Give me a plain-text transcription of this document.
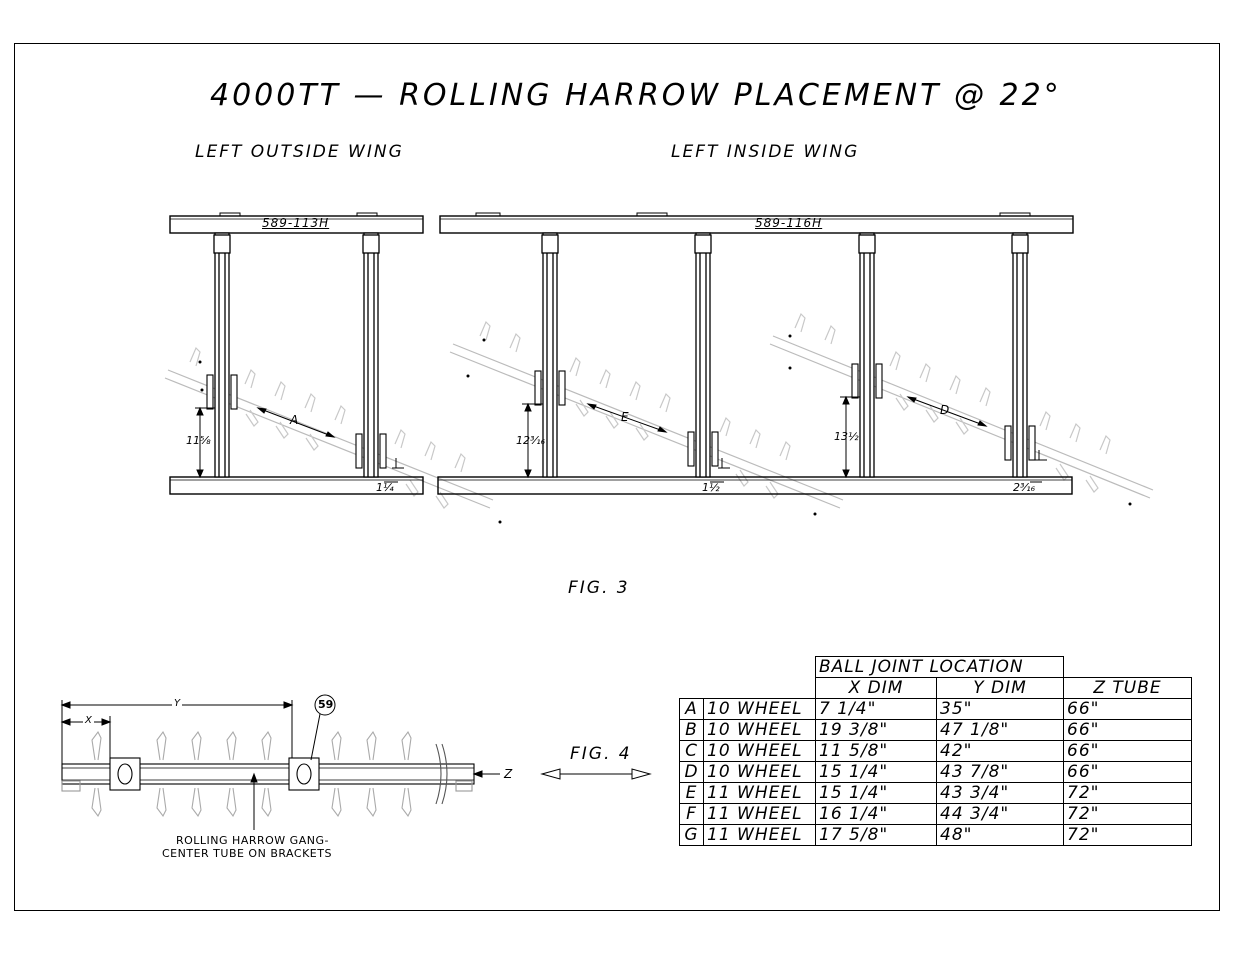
4000TT — ROLLING HARROW PLACEMENT @ 22°
LEFT OUTSIDE WING	LEFT INSIDE WING
589-113H	589-116H
A	E	D
11⅝	12³⁄₁₆	13½
1¼	1½	2³⁄₁₆
FIG. 3
FIG. 4
Y
X
Z
59
ROLLING HARROW GANG-
CENTER TUBE ON BRACKETS
		BALL JOINT LOCATION		
		X DIM	Y DIM	Z TUBE
A	10 WHEEL	7 1/4"	35"	66"
B	10 WHEEL	19 3/8"	47 1/8"	66"
C	10 WHEEL	11 5/8"	42"	66"
D	10 WHEEL	15 1/4"	43 7/8"	66"
E	11 WHEEL	15 1/4"	43 3/4"	72"
F	11 WHEEL	16 1/4"	44 3/4"	72"
G	11 WHEEL	17 5/8"	48"	72"
